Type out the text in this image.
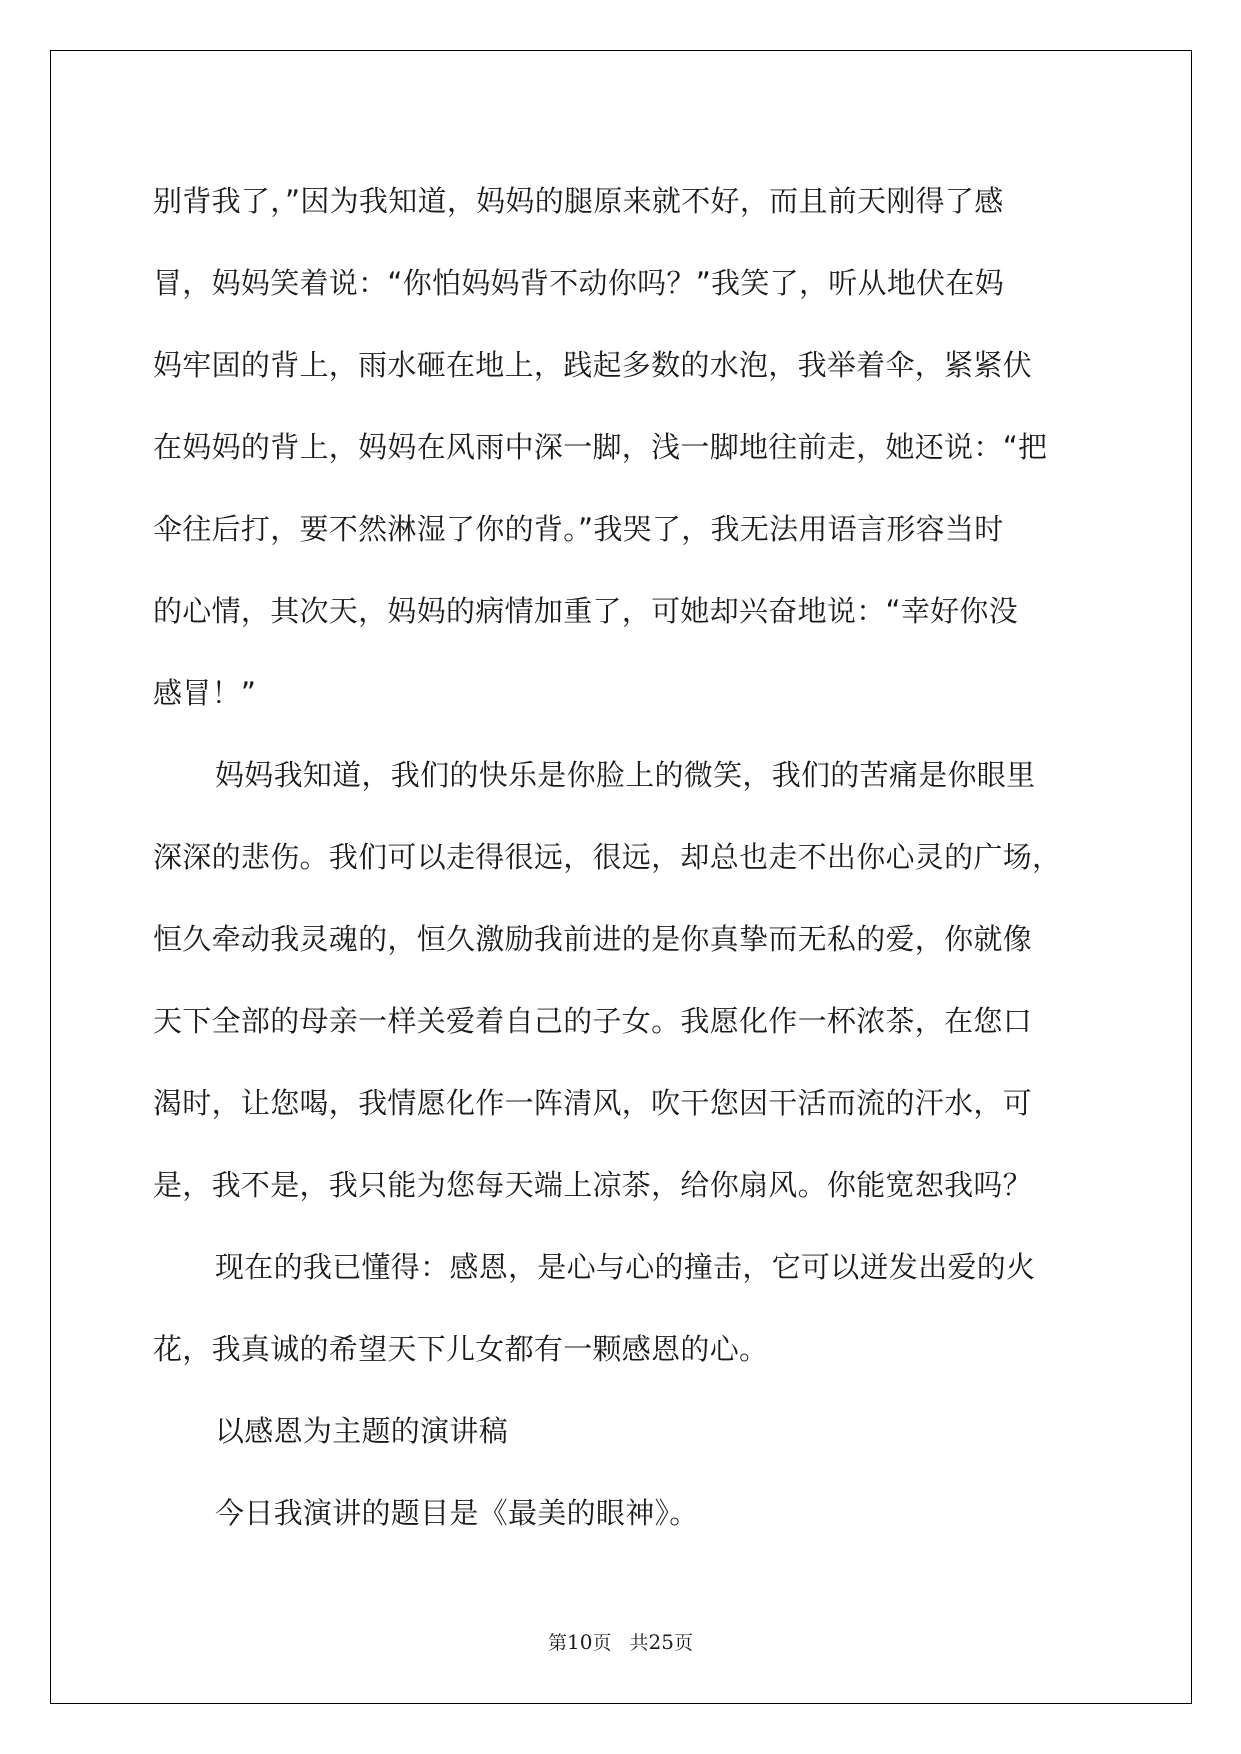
别背我了，”因为我知道，妈妈的腿原来就不好，而且前天刚得了感
冒，妈妈笑着说：“你怕妈妈背不动你吗？”我笑了，听从地伏在妈
妈牢固的背上，雨水砸在地上，践起多数的水泡，我举着伞，紧紧伏
在妈妈的背上，妈妈在风雨中深一脚，浅一脚地往前走，她还说：“把
伞往后打，要不然淋湿了你的背。”我哭了，我无法用语言形容当时
的心情，其次天，妈妈的病情加重了，可她却兴奋地说：“幸好你没
感冒！”
妈妈我知道，我们的快乐是你脸上的微笑，我们的苦痛是你眼里
深深的悲伤。我们可以走得很远，很远，却总也走不出你心灵的广场，
恒久牵动我灵魂的，恒久激励我前进的是你真挚而无私的爱，你就像
天下全部的母亲一样关爱着自己的子女。我愿化作一杯浓茶，在您口
渴时，让您喝，我情愿化作一阵清风，吹干您因干活而流的汗水，可
是，我不是，我只能为您每天端上凉茶，给你扇风。你能宽恕我吗？
现在的我已懂得：感恩，是心与心的撞击，它可以迸发出爱的火
花，我真诚的希望天下儿女都有一颗感恩的心。
以感恩为主题的演讲稿
今日我演讲的题目是《最美的眼神》。
第10页 共25页
